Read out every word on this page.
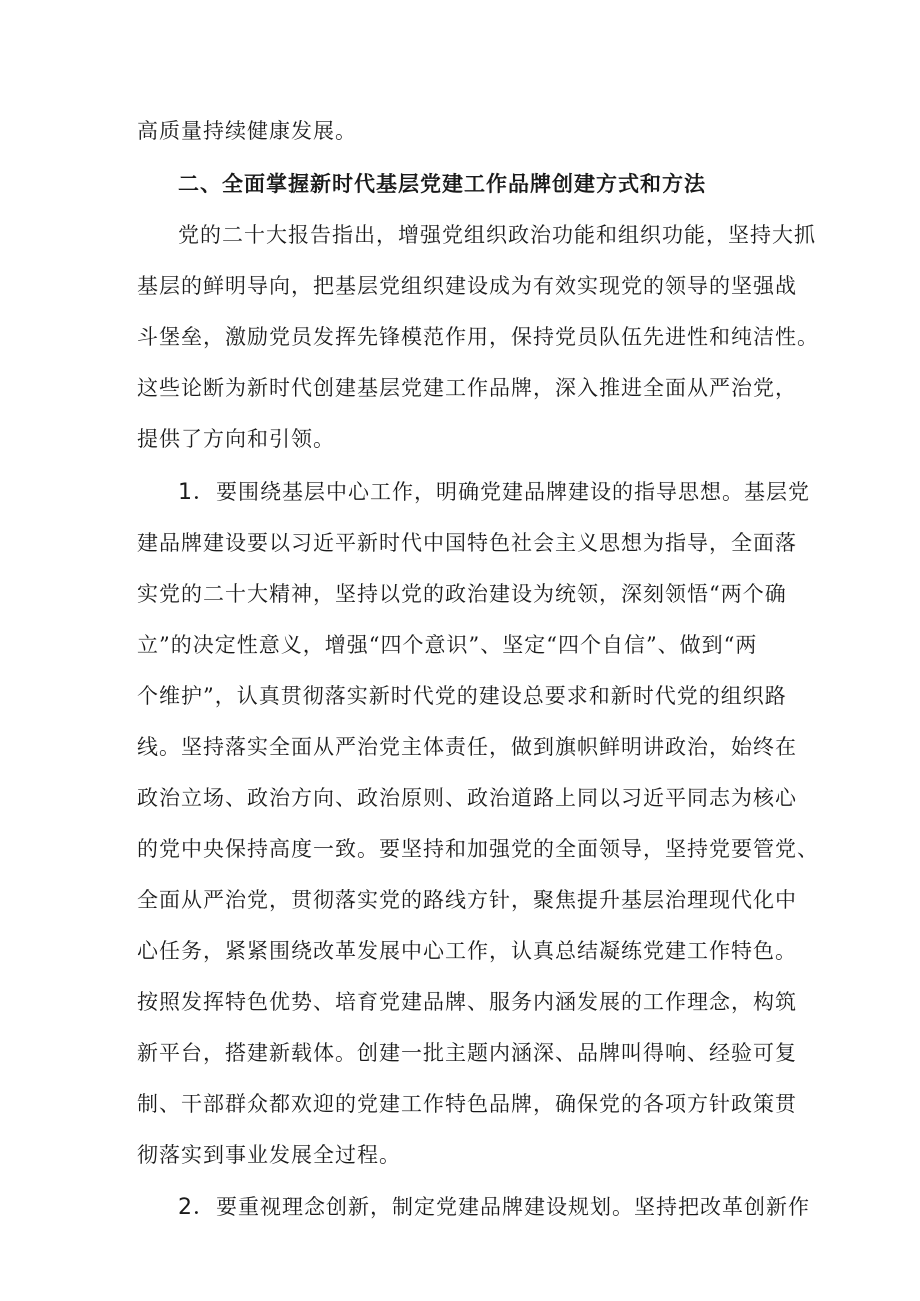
高质量持续健康发展。
二、全面掌握新时代基层党建工作品牌创建方式和方法
党的二十大报告指出，增强党组织政治功能和组织功能，坚持大抓
基层的鲜明导向，把基层党组织建设成为有效实现党的领导的坚强战
斗堡垒，激励党员发挥先锋模范作用，保持党员队伍先进性和纯洁性。
这些论断为新时代创建基层党建工作品牌，深入推进全面从严治党，
提供了方向和引领。
1．要围绕基层中心工作，明确党建品牌建设的指导思想。基层党
建品牌建设要以习近平新时代中国特色社会主义思想为指导，全面落
实党的二十大精神，坚持以党的政治建设为统领，深刻领悟“两个确
立”的决定性意义，增强“四个意识”、坚定“四个自信”、做到“两
个维护”，认真贯彻落实新时代党的建设总要求和新时代党的组织路
线。坚持落实全面从严治党主体责任，做到旗帜鲜明讲政治，始终在
政治立场、政治方向、政治原则、政治道路上同以习近平同志为核心
的党中央保持高度一致。要坚持和加强党的全面领导，坚持党要管党、
全面从严治党，贯彻落实党的路线方针，聚焦提升基层治理现代化中
心任务，紧紧围绕改革发展中心工作，认真总结凝练党建工作特色。
按照发挥特色优势、培育党建品牌、服务内涵发展的工作理念，构筑
新平台，搭建新载体。创建一批主题内涵深、品牌叫得响、经验可复
制、干部群众都欢迎的党建工作特色品牌，确保党的各项方针政策贯
彻落实到事业发展全过程。
2．要重视理念创新，制定党建品牌建设规划。坚持把改革创新作
